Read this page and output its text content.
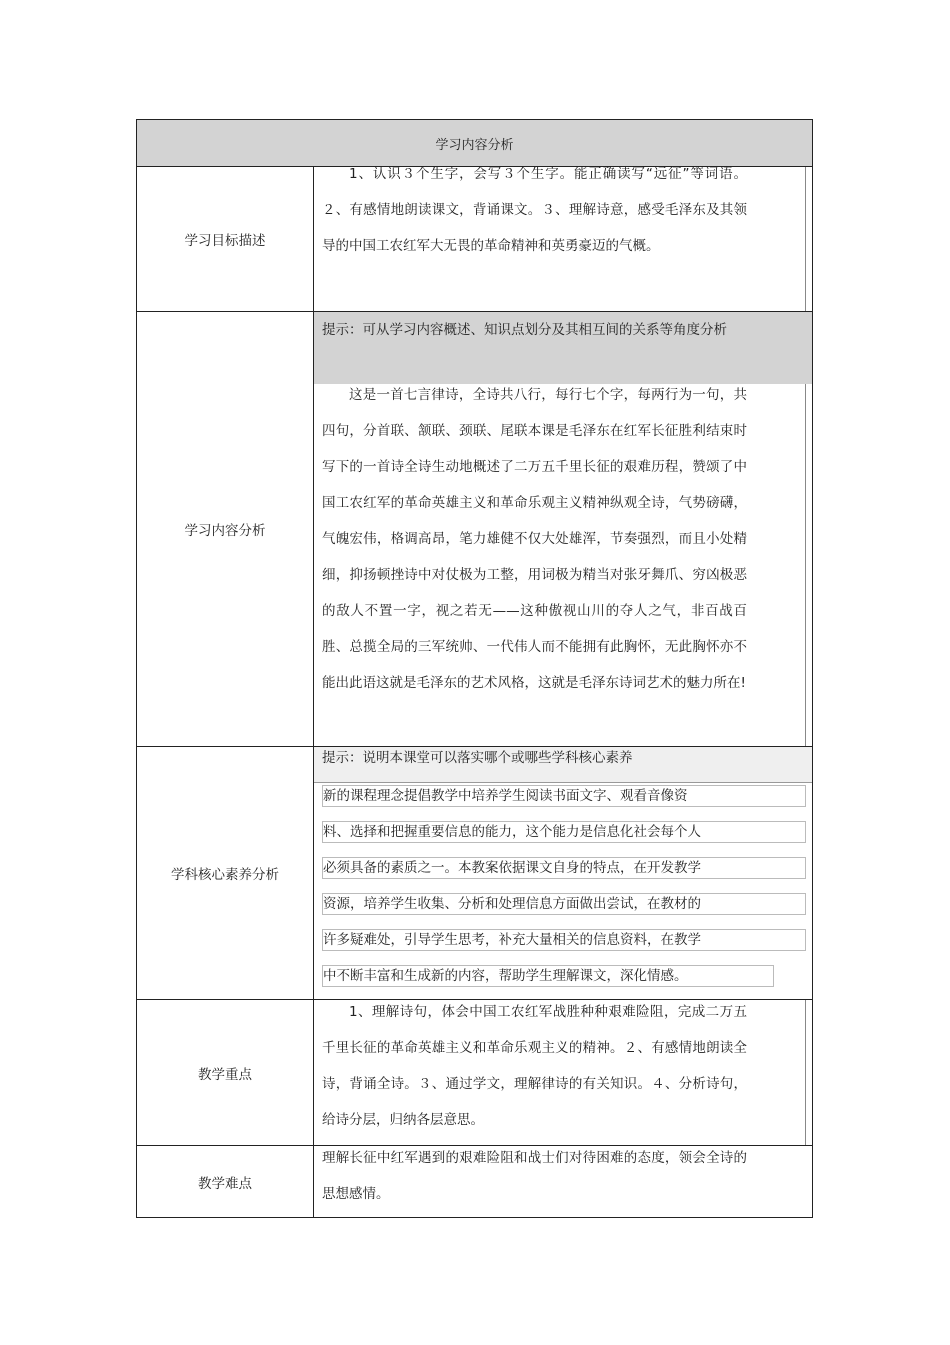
学习内容分析
学习目标描述
1、认识３个生字，会写３个生字。能正确读写“远征”等词语。２、有感情地朗读课文，背诵课文。３、理解诗意，感受毛泽东及其领导的中国工农红军大无畏的革命精神和英勇豪迈的气概。
学习内容分析
提示：可从学习内容概述、知识点划分及其相互间的关系等角度分析
这是一首七言律诗，全诗共八行，每行七个字，每两行为一句，共四句，分首联、颔联、颈联、尾联本课是毛泽东在红军长征胜利结束时写下的一首诗全诗生动地概述了二万五千里长征的艰难历程，赞颂了中国工农红军的革命英雄主义和革命乐观主义精神纵观全诗，气势磅礴，气魄宏伟，格调高昂，笔力雄健不仅大处雄浑，节奏强烈，而且小处精细，抑扬顿挫诗中对仗极为工整，用词极为精当对张牙舞爪、穷凶极恶的敌人不置一字，视之若无——这种傲视山川的夺人之气，非百战百胜、总揽全局的三军统帅、一代伟人而不能拥有此胸怀，无此胸怀亦不能出此语这就是毛泽东的艺术风格，这就是毛泽东诗词艺术的魅力所在!
学科核心素养分析
提示：说明本课堂可以落实哪个或哪些学科核心素养
新的课程理念提倡教学中培养学生阅读书面文字、观看音像资
料、选择和把握重要信息的能力，这个能力是信息化社会每个人
必须具备的素质之一。本教案依据课文自身的特点，在开发教学
资源，培养学生收集、分析和处理信息方面做出尝试，在教材的
许多疑难处，引导学生思考，补充大量相关的信息资料，在教学
中不断丰富和生成新的内容，帮助学生理解课文，深化情感。
教学重点
1、理解诗句，体会中国工农红军战胜种种艰难险阻，完成二万五千里长征的革命英雄主义和革命乐观主义的精神。２、有感情地朗读全诗，背诵全诗。３、通过学文，理解律诗的有关知识。４、分析诗句，给诗分层，归纳各层意思。
教学难点
理解长征中红军遇到的艰难险阻和战士们对待困难的态度，领会全诗的思想感情。
